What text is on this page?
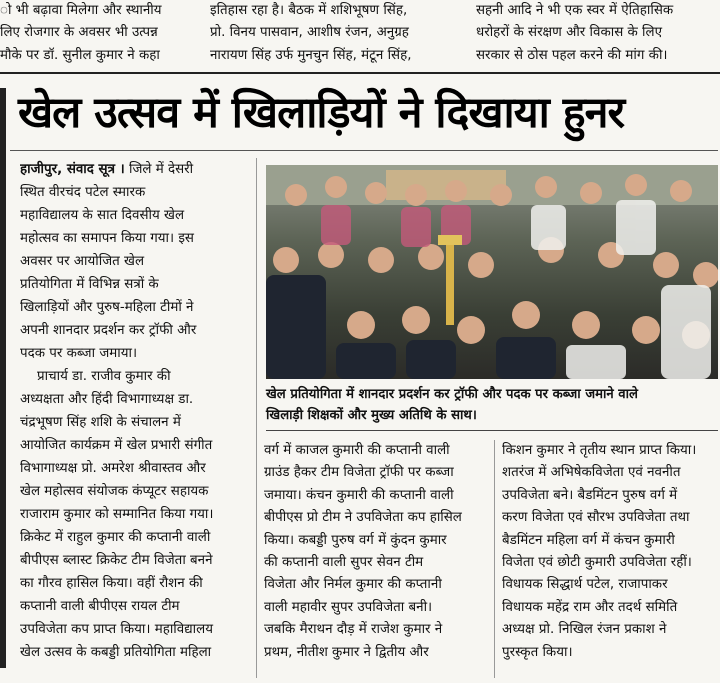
ो भी बढ़ावा मिलेगा और स्थानीय
लिए रोजगार के अवसर भी उत्पन्न
मौके पर डॉ. सुनील कुमार ने कहा
इतिहास रहा है। बैठक में शशिभूषण सिंह,
प्रो. विनय पासवान, आशीष रंजन, अनुग्रह
नारायण सिंह उर्फ मुनचुन सिंह, मंटून सिंह,
सहनी आदि ने भी एक स्वर में ऐतिहासिक
धरोहरों के संरक्षण और विकास के लिए
सरकार से ठोस पहल करने की मांग की।
खेल उत्सव में खिलाड़ियों ने दिखाया हुनर
खेल प्रतियोगिता में शानदार प्रदर्शन कर ट्रॉफी और पदक पर कब्जा जमाने वाले
खिलाड़ी शिक्षकों और मुख्य अतिथि के साथ।
हाजीपुर, संवाद सूत्र । जिले में देसरी
स्थित वीरचंद पटेल स्मारक
महाविद्यालय के सात दिवसीय खेल
महोत्सव का समापन किया गया। इस
अवसर पर आयोजित खेल
प्रतियोगिता में विभिन्न सत्रों के
खिलाड़ियों और पुरुष-महिला टीमों ने
अपनी शानदार प्रदर्शन कर ट्रॉफी और
पदक पर कब्जा जमाया।
प्राचार्य डा. राजीव कुमार की
अध्यक्षता और हिंदी विभागाध्यक्ष डा.
चंद्रभूषण सिंह शशि के संचालन में
आयोजित कार्यक्रम में खेल प्रभारी संगीत
विभागाध्यक्ष प्रो. अमरेश श्रीवास्तव और
खेल महोत्सव संयोजक कंप्यूटर सहायक
राजाराम कुमार को सम्मानित किया गया।
क्रिकेट में राहुल कुमार की कप्तानी वाली
बीपीएस ब्लास्ट क्रिकेट टीम विजेता बनने
का गौरव हासिल किया। वहीं रौशन की
कप्तानी वाली बीपीएस रायल टीम
उपविजेता कप प्राप्त किया। महाविद्यालय
खेल उत्सव के कबड्डी प्रतियोगिता महिला
वर्ग में काजल कुमारी की कप्तानी वाली
ग्राउंड हैकर टीम विजेता ट्रॉफी पर कब्जा
जमाया। कंचन कुमारी की कप्तानी वाली
बीपीएस प्रो टीम ने उपविजेता कप हासिल
किया। कबड्डी पुरुष वर्ग में कुंदन कुमार
की कप्तानी वाली सुपर सेवन टीम
विजेता और निर्मल कुमार की कप्तानी
वाली महावीर सुपर उपविजेता बनी।
जबकि मैराथन दौड़ में राजेश कुमार ने
प्रथम, नीतीश कुमार ने द्वितीय और
किशन कुमार ने तृतीय स्थान प्राप्त किया।
शतरंज में अभिषेकविजेता एवं नवनीत
उपविजेता बने। बैडमिंटन पुरुष वर्ग में
करण विजेता एवं सौरभ उपविजेता तथा
बैडमिंटन महिला वर्ग में कंचन कुमारी
विजेता एवं छोटी कुमारी उपविजेता रहीं।
विधायक सिद्धार्थ पटेल, राजापाकर
विधायक महेंद्र राम और तदर्थ समिति
अध्यक्ष प्रो. निखिल रंजन प्रकाश ने
पुरस्कृत किया।
